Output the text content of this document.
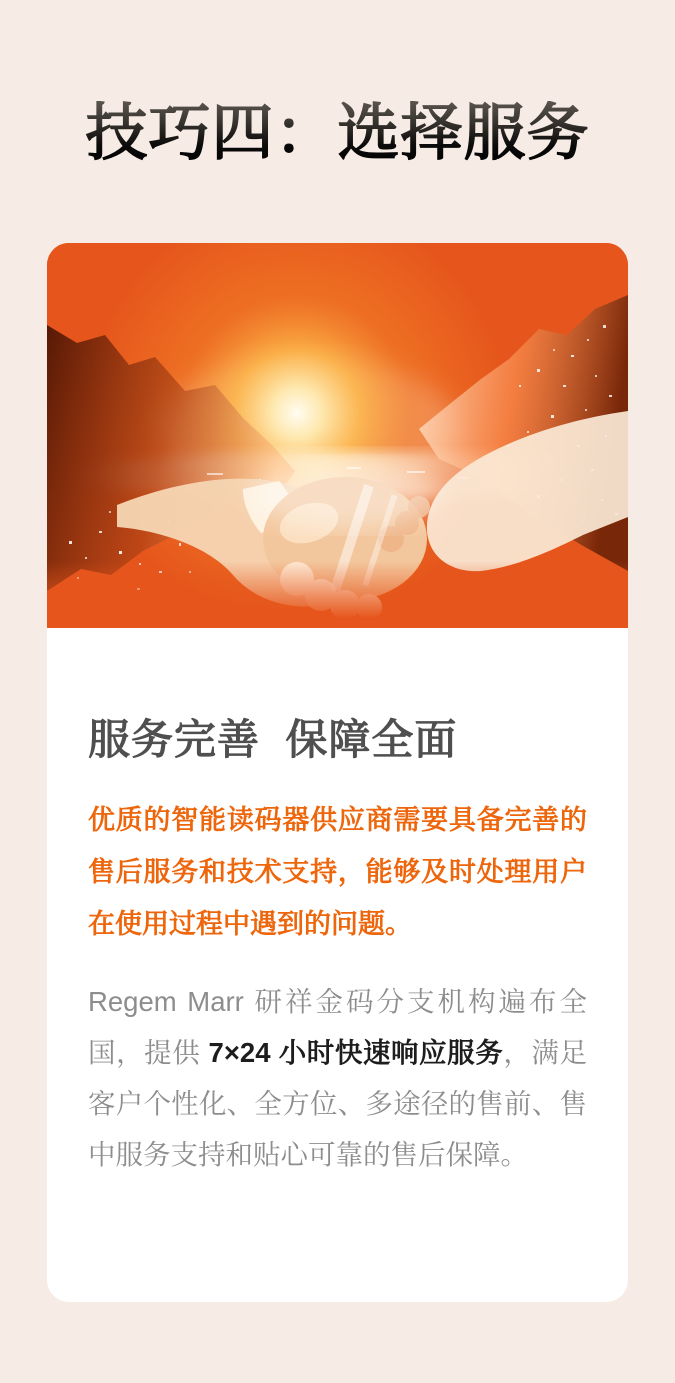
技巧四：选择服务
服务完善  保障全面

优质的智能读码器供应商需要具备完善的售后服务和技术支持，能够及时处理用户在使用过程中遇到的问题。

Regem Marr 研祥金码分支机构遍布全国，提供 7×24 小时快速响应服务，满足客户个性化、全方位、多途径的售前、售中服务支持和贴心可靠的售后保障。
